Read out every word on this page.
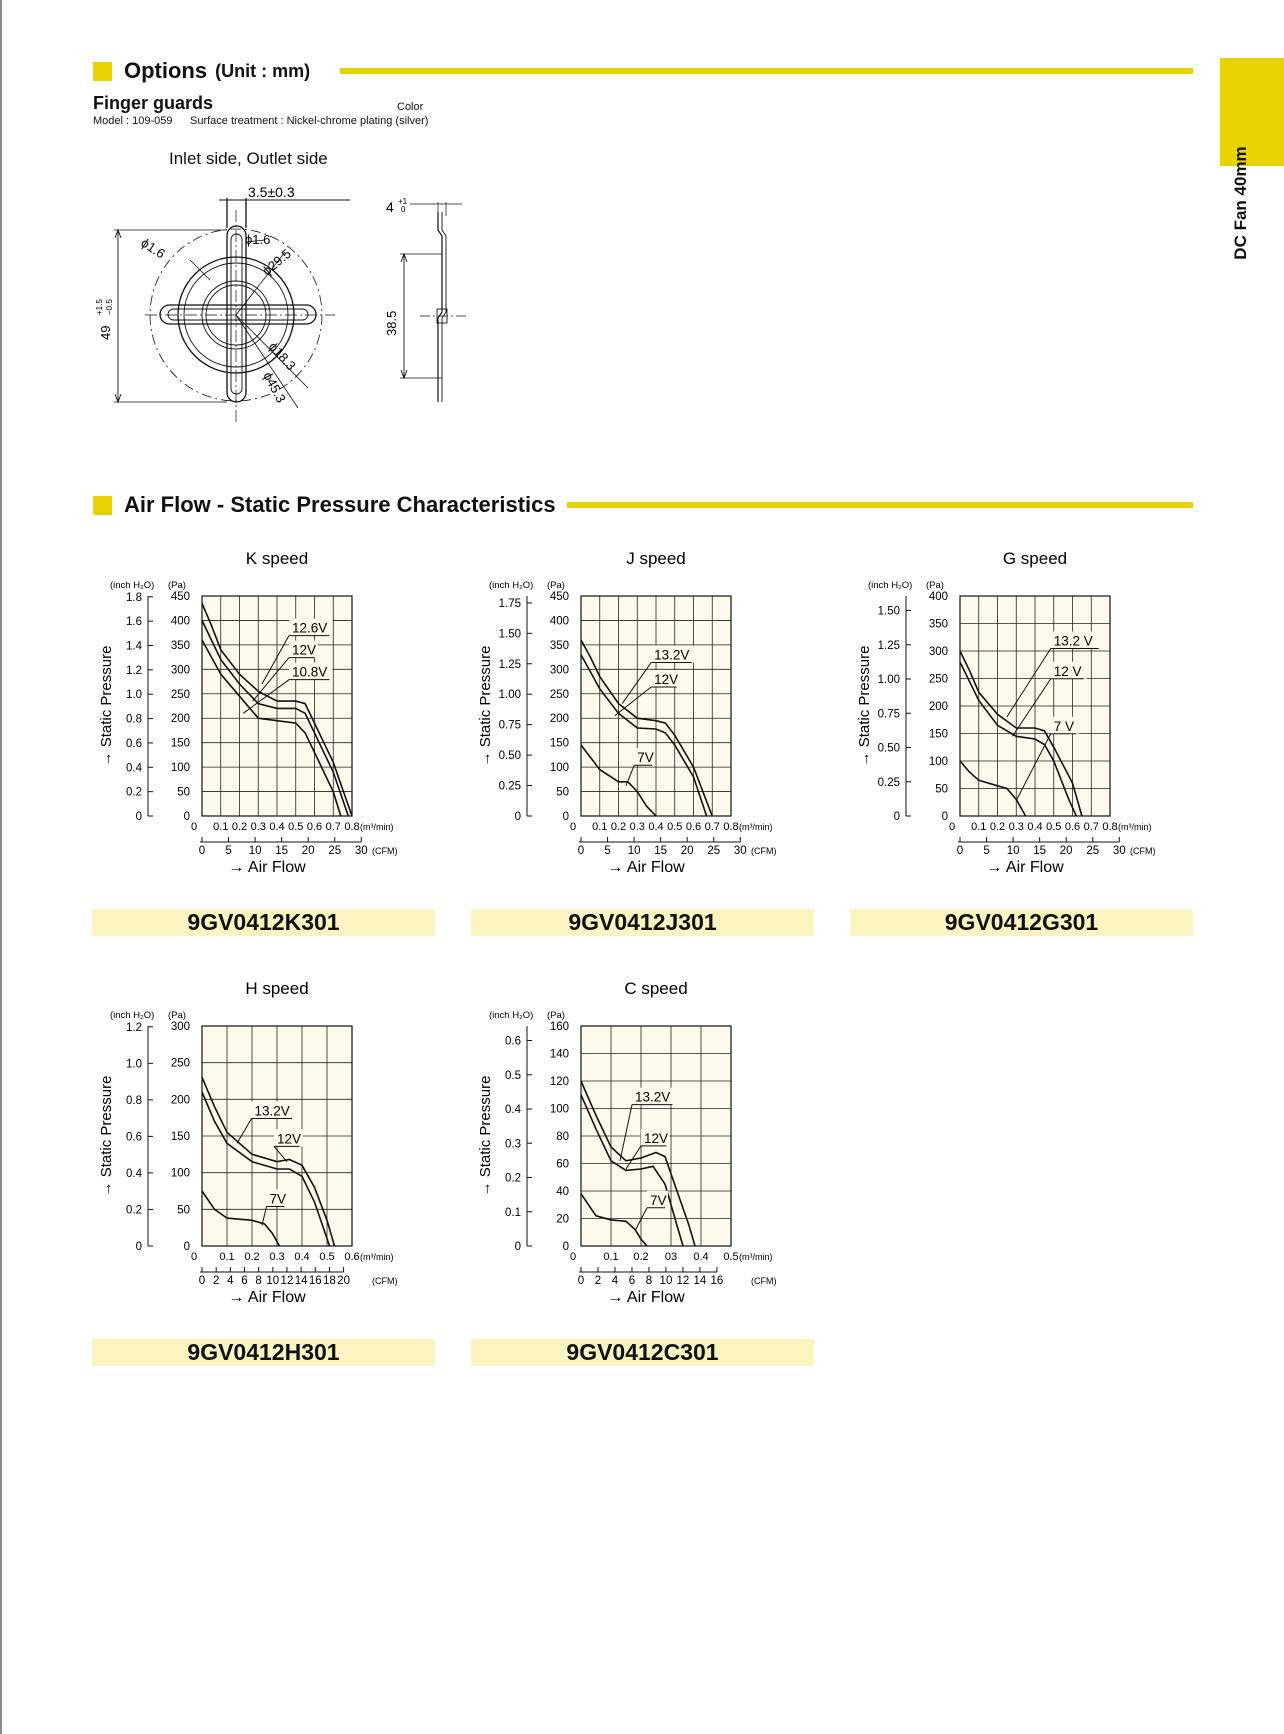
DC Fan 40mm
Options (Unit : mm)
Finger guards	Color
Model : 109-059 Surface treatment : Nickel-chrome plating (silver)
Inlet side, Outlet side
3.5±0.3
ϕ1.6
ϕ1.6	ϕ29.5
ϕ18.3
ϕ45.3
49
+1.5 −0.5
4 +1
0
38.5
Air Flow - Static Pressure Characteristics
K speed
(inch H₂O) (Pa)
450
400
350
300
250
200
150
100
50
0
1.8
1.6
1.4
1.2
1.0
0.8
0.6
0.4
0.2
0
→ Static Pressure
0.1 0.2 0.3 0.4 0.5 0.6 0.7 0.8 (m³/min)
0
0 5 10 15 20 25 30 (CFM)
→ Air Flow
12.6V
12V
10.8V
J speed
(inch H₂O) (Pa)
450
400
350
300
250
200
150
100
50
0
1.75
1.50
1.25
1.00
0.75
0.50
0.25
0
→ Static Pressure
0.1 0.2 0.3 0.4 0.5 0.6 0.7 0.8 (m³/min)
0
0 5 10 15 20 25 30 (CFM)
→ Air Flow
13.2V
12V
7V
G speed
(inch H₂O) (Pa)
400
350
300
250
200
150
100
50
0
1.50
1.25
1.00
0.75
0.50
0.25
0
→ Static Pressure
0.1 0.2 0.3 0.4 0.5 0.6 0.7 0.8 (m³/min)
0
0 5 10 15 20 25 30 (CFM)
→ Air Flow
13.2 V
12 V
7 V
H speed
(inch H₂O) (Pa)
300
250
200
150
100
50
0
1.2
1.0
0.8
0.6
0.4
0.2
0
→ Static Pressure
0.1 0.2 0.3 0.4 0.5 0.6 (m³/min)
0
0 2 4 6 8 10 12 14 16 18 20 (CFM)
→ Air Flow
13.2V
12V
7V
C speed
(inch H₂O) (Pa)
160
140
120
100
80
60
40
20
0
0.6
0.5
0.4
0.3
0.2
0.1
0
→ Static Pressure
0.1 0.2 03 0.4 0.5 (m³/min)
0
0 2 4 6 8 10 12 14 16	(CFM)
→ Air Flow
13.2V
12V
7V
9GV0412K301	9GV0412J301	9GV0412G301
9GV0412H301	9GV0412C301
